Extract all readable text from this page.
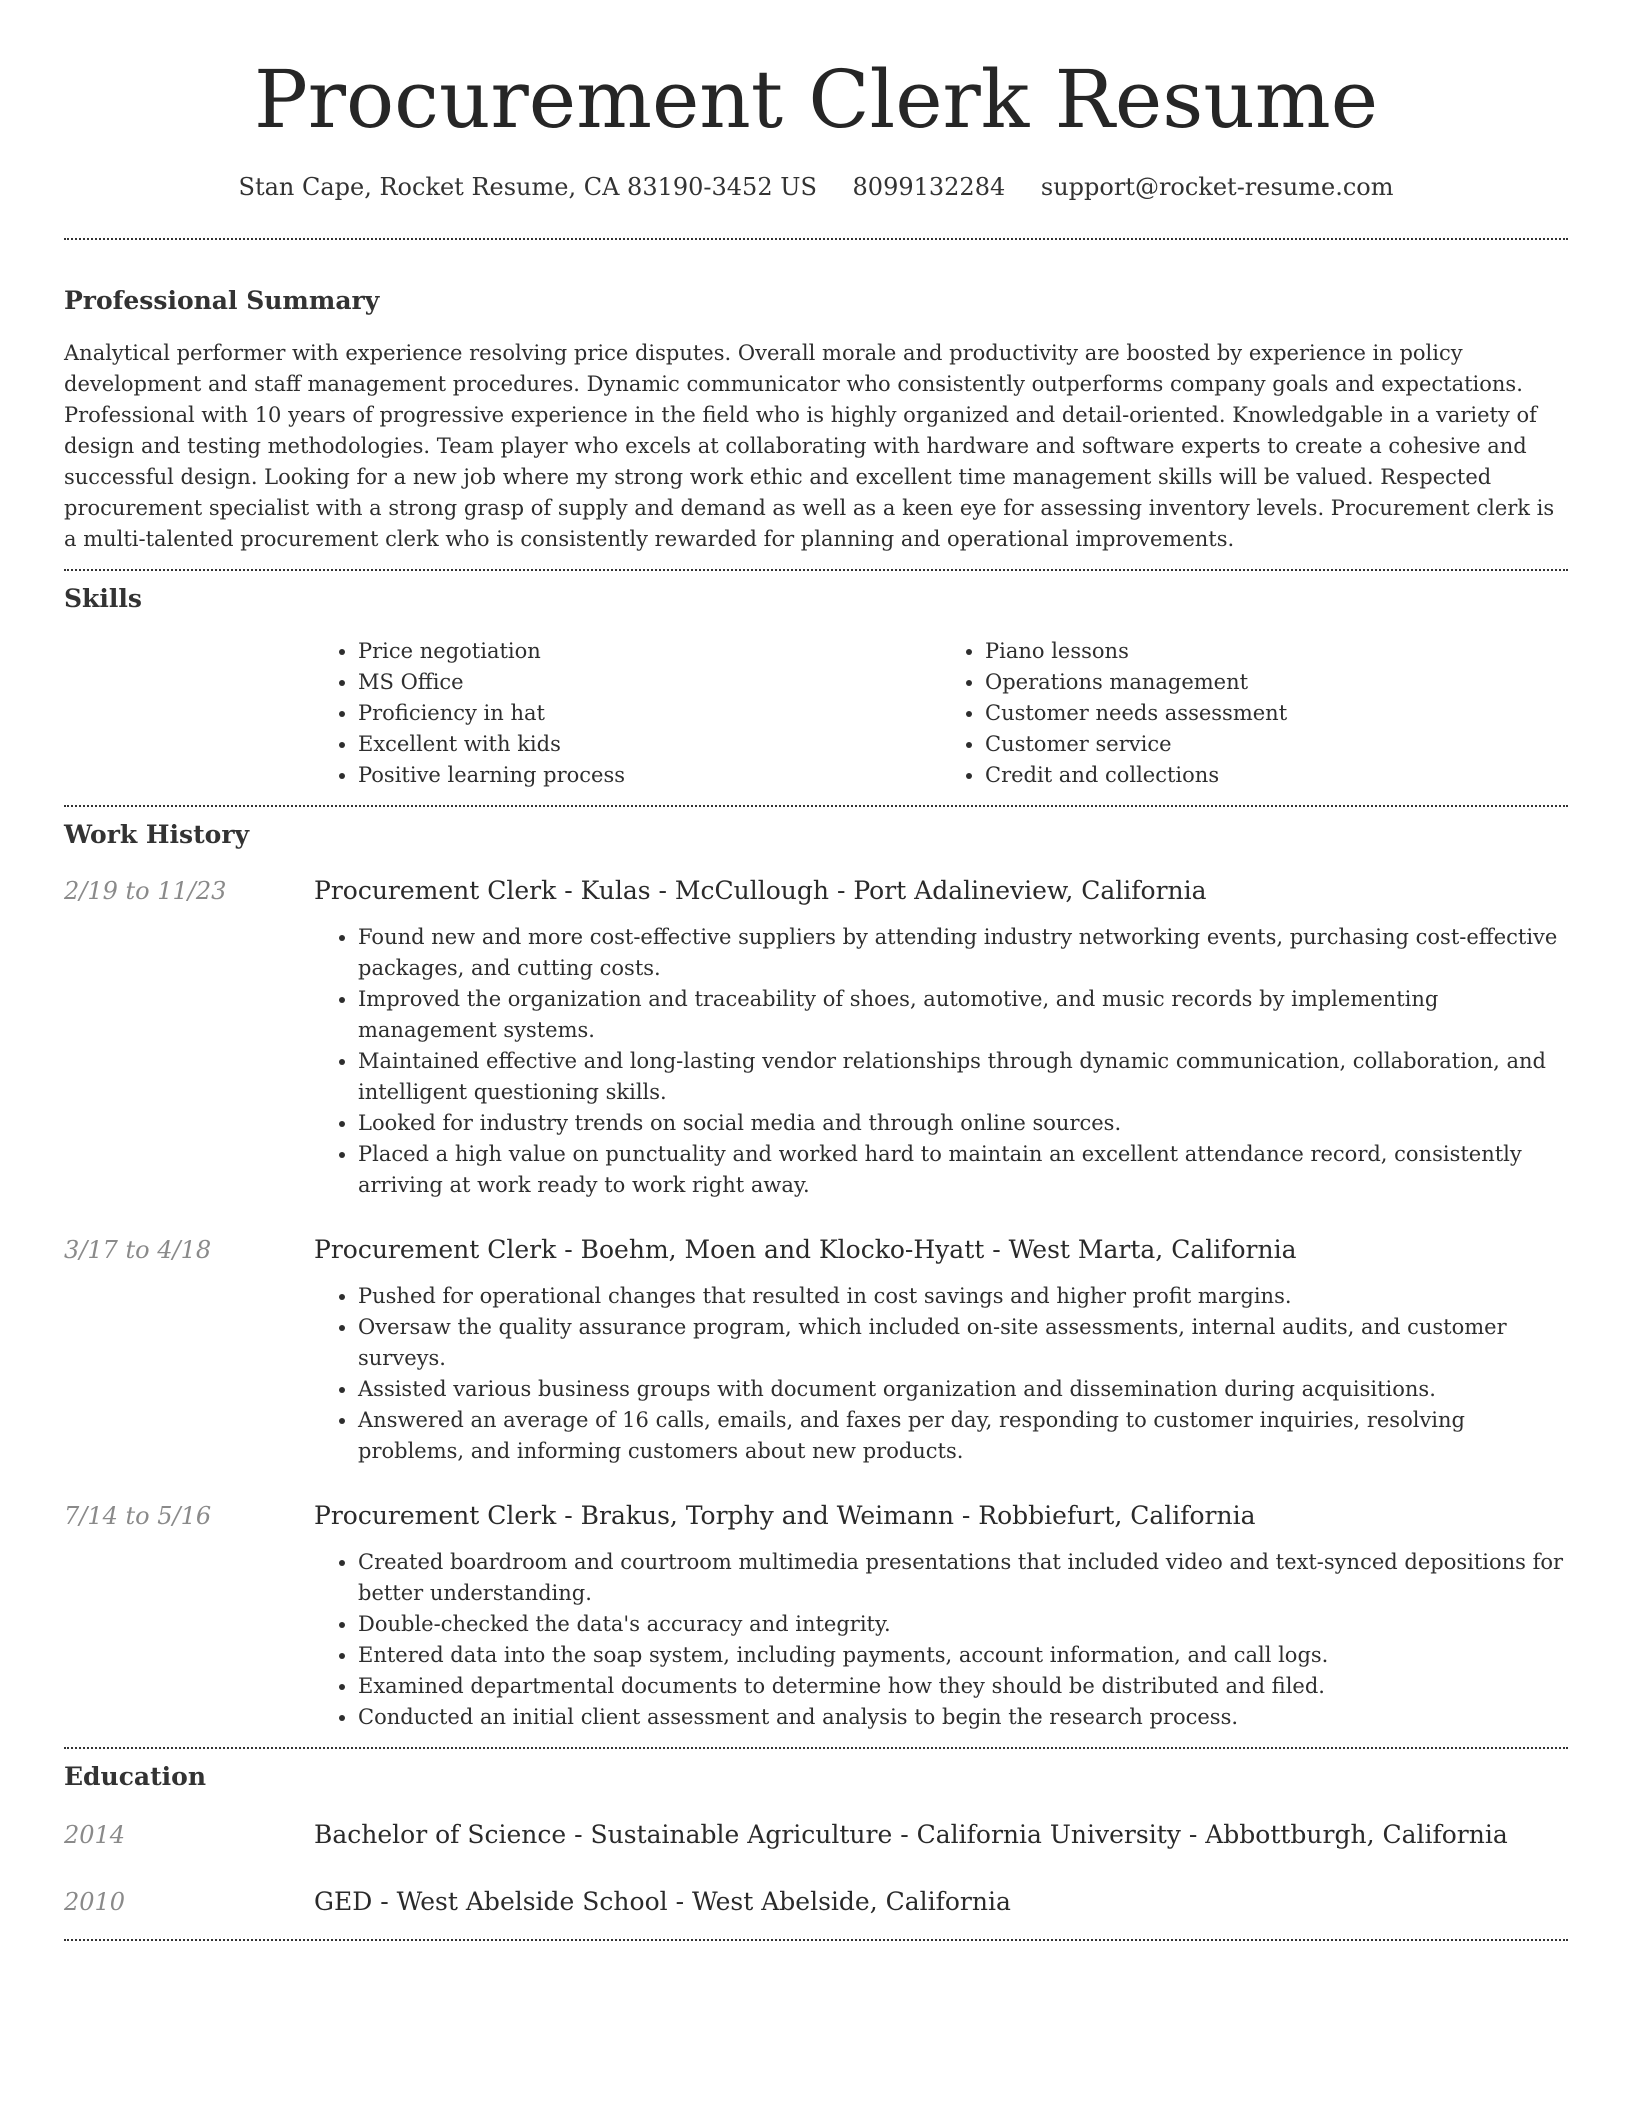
Procurement Clerk Resume
Stan Cape, Rocket Resume, CA 83190-3452 US 8099132284 support@rocket-resume.com
Professional Summary

Analytical performer with experience resolving price disputes. Overall morale and productivity are boosted by experience in policy development and staff management procedures. Dynamic communicator who consistently outperforms company goals and expectations. Professional with 10 years of progressive experience in the field who is highly organized and detail-oriented. Knowledgable in a variety of design and testing methodologies. Team player who excels at collaborating with hardware and software experts to create a cohesive and successful design. Looking for a new job where my strong work ethic and excellent time management skills will be valued. Respected procurement specialist with a strong grasp of supply and demand as well as a keen eye for assessing inventory levels. Procurement clerk is a multi-talented procurement clerk who is consistently rewarded for planning and operational improvements.

Skills
• Price negotiation
• MS Office
• Proficiency in hat
• Excellent with kids
• Positive learning process
• Piano lessons
• Operations management
• Customer needs assessment
• Customer service
• Credit and collections
Work History
2/19 to 11/23	Procurement Clerk - Kulas - McCullough - Port Adalineview, California
• Found new and more cost-effective suppliers by attending industry networking events, purchasing cost-effective packages, and cutting costs.
• Improved the organization and traceability of shoes, automotive, and music records by implementing management systems.
• Maintained effective and long-lasting vendor relationships through dynamic communication, collaboration, and intelligent questioning skills.
• Looked for industry trends on social media and through online sources.
• Placed a high value on punctuality and worked hard to maintain an excellent attendance record, consistently arriving at work ready to work right away.
3/17 to 4/18	Procurement Clerk - Boehm, Moen and Klocko-Hyatt - West Marta, California
• Pushed for operational changes that resulted in cost savings and higher profit margins.
• Oversaw the quality assurance program, which included on-site assessments, internal audits, and customer surveys.
• Assisted various business groups with document organization and dissemination during acquisitions.
• Answered an average of 16 calls, emails, and faxes per day, responding to customer inquiries, resolving problems, and informing customers about new products.
7/14 to 5/16	Procurement Clerk - Brakus, Torphy and Weimann - Robbiefurt, California
• Created boardroom and courtroom multimedia presentations that included video and text-synced depositions for better understanding.
• Double-checked the data's accuracy and integrity.
• Entered data into the soap system, including payments, account information, and call logs.
• Examined departmental documents to determine how they should be distributed and filed.
• Conducted an initial client assessment and analysis to begin the research process.
Education
2014	Bachelor of Science - Sustainable Agriculture - California University - Abbottburgh, California
2010	GED - West Abelside School - West Abelside, California
